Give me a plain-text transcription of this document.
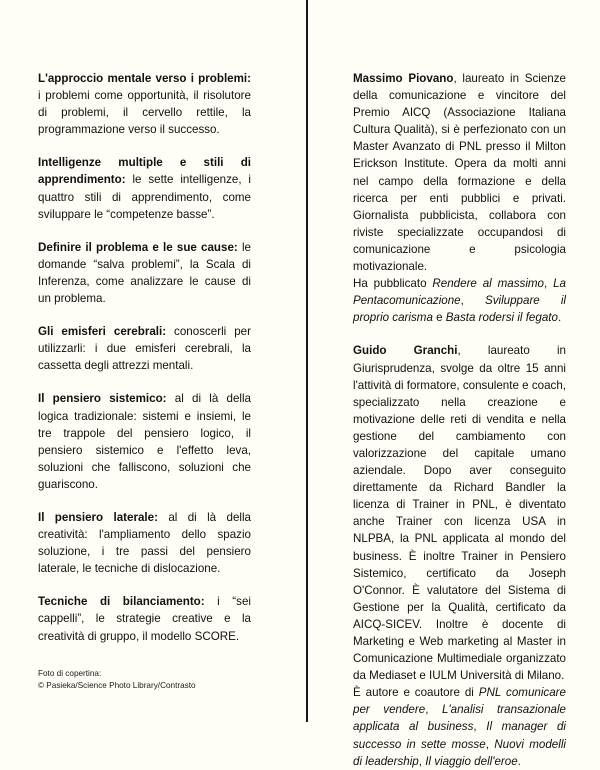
L'approccio mentale verso i problemi: i problemi come opportunità, il risolutore di problemi, il cervello rettile, la programmazione verso il successo.

Intelligenze multiple e stili di apprendimento: le sette intelligenze, i quattro stili di apprendimento, come sviluppare le “competenze basse”.

Definire il problema e le sue cause: le domande “salva problemi”, la Scala di Inferenza, come analizzare le cause di un problema.

Gli emisferi cerebrali: conoscerli per utilizzarli: i due emisferi cerebrali, la cassetta degli attrezzi mentali.

Il pensiero sistemico: al di là della logica tradizionale: sistemi e insiemi, le tre trappole del pensiero logico, il pensiero sistemico e l'effetto leva, soluzioni che falliscono, soluzioni che guariscono.

Il pensiero laterale: al di là della creatività: l'ampliamento dello spazio soluzione, i tre passi del pensiero laterale, le tecniche di dislocazione.

Tecniche di bilanciamento: i “sei cappelli”, le strategie creative e la creatività di gruppo, il modello SCORE.

Massimo Piovano, laureato in Scienze della comunicazione e vincitore del Premio AICQ (Associazione Italiana Cultura Qualità), si è perfezionato con un Master Avanzato di PNL presso il Milton Erickson Institute. Opera da molti anni nel campo della formazione e della ricerca per enti pubblici e privati. Giornalista pubblicista, collabora con riviste specializzate occupandosi di comunicazione e psicologia motivazionale.

Ha pubblicato Rendere al massimo, La Pentacomunicazione, Sviluppare il proprio carisma e Basta rodersi il fegato.

Guido Granchi, laureato in Giurisprudenza, svolge da oltre 15 anni l'attività di formatore, consulente e coach, specializzato nella creazione e motivazione delle reti di vendita e nella gestione del cambiamento con valorizzazione del capitale umano aziendale. Dopo aver conseguito direttamente da Richard Bandler la licenza di Trainer in PNL, è diventato anche Trainer con licenza USA in NLPBA, la PNL applicata al mondo del business. È inoltre Trainer in Pensiero Sistemico, certificato da Joseph O'Connor. È valutatore del Sistema di Gestione per la Qualità, certificato da AICQ-SICEV. Inoltre è docente di Marketing e Web marketing al Master in Comunicazione Multimediale organizzato da Mediaset e IULM Università di Milano.

È autore e coautore di PNL comunicare per vendere, L'analisi transazionale applicata al business, Il manager di successo in sette mosse, Nuovi modelli di leadership, Il viaggio dell'eroe.

Foto di copertina:
© Pasieka/Science Photo Library/Contrasto
